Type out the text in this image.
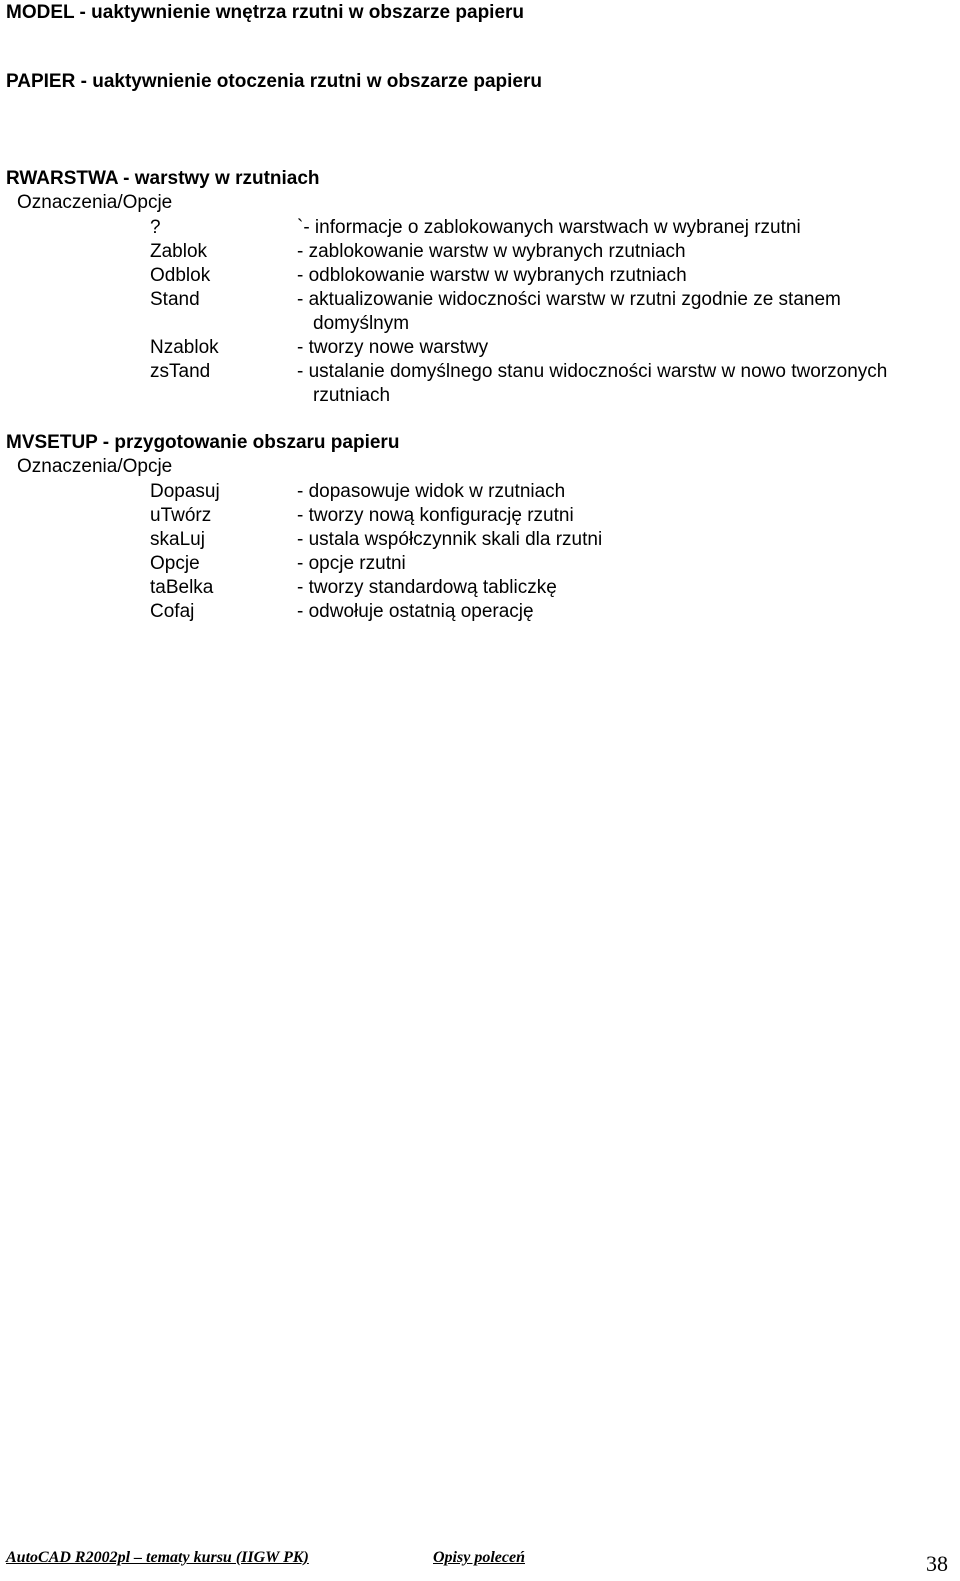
MODEL - uaktywnienie wnętrza rzutni w obszarze papieru
PAPIER - uaktywnienie otoczenia rzutni w obszarze papieru
RWARSTWA - warstwy w rzutniach
Oznaczenia/Opcje
?	`- informacje o zablokowanych warstwach w wybranej rzutni
Zablok	- zablokowanie warstw w wybranych rzutniach
Odblok	- odblokowanie warstw w wybranych rzutniach
Stand	- aktualizowanie widoczności warstw w rzutni zgodnie ze stanem
domyślnym
Nzablok	- tworzy nowe warstwy
zsTand	- ustalanie domyślnego stanu widoczności warstw w nowo tworzonych
rzutniach
MVSETUP - przygotowanie obszaru papieru
Oznaczenia/Opcje
Dopasuj	- dopasowuje widok w rzutniach
uTwórz	- tworzy nową konfigurację rzutni
skaLuj	- ustala współczynnik skali dla rzutni
Opcje	- opcje rzutni
taBelka	- tworzy standardową tabliczkę
Cofaj	- odwołuje ostatnią operację
AutoCAD R2002pl – tematy kursu (IIGW PK)	Opisy poleceń	38
